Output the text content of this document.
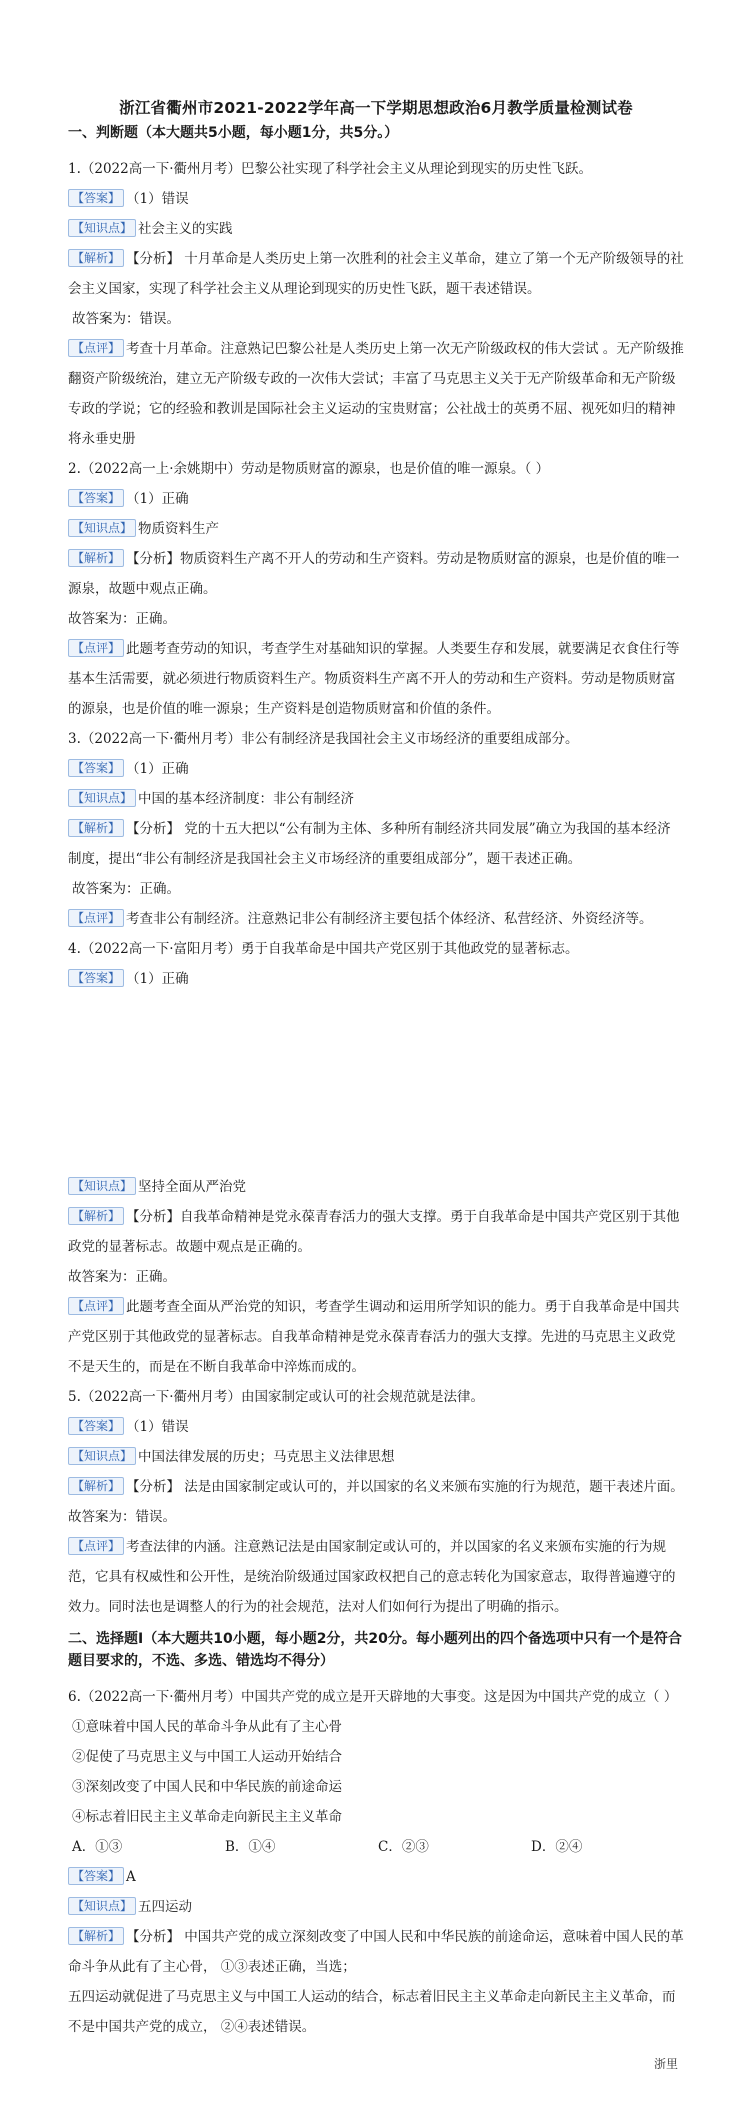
浙江省衢州市2021-2022学年高一下学期思想政治6月教学质量检测试卷
一、判断题（本大题共5小题，每小题1分，共5分。）
1.（2022高一下·衢州月考）巴黎公社实现了科学社会主义从理论到现实的历史性飞跃。
【答案】 （1）错误
【知识点】 社会主义的实践
【解析】 【分析】 十月革命是人类历史上第一次胜利的社会主义革命，建立了第一个无产阶级领导的社会主义国家，实现了科学社会主义从理论到现实的历史性飞跃，题干表述错误。
故答案为：错误。
【点评】 考查十月革命。注意熟记巴黎公社是人类历史上第一次无产阶级政权的伟大尝试 。无产阶级推翻资产阶级统治，建立无产阶级专政的一次伟大尝试；丰富了马克思主义关于无产阶级革命和无产阶级专政的学说；它的经验和教训是国际社会主义运动的宝贵财富；公社战士的英勇不屈、视死如归的精神将永垂史册
2.（2022高一上·余姚期中）劳动是物质财富的源泉，也是价值的唯一源泉。（ ）
【答案】 （1）正确
【知识点】 物质资料生产
【解析】 【分析】物质资料生产离不开人的劳动和生产资料。劳动是物质财富的源泉，也是价值的唯一源泉，故题中观点正确。
故答案为：正确。
【点评】 此题考查劳动的知识，考查学生对基础知识的掌握。人类要生存和发展，就要满足衣食住行等基本生活需要，就必须进行物质资料生产。物质资料生产离不开人的劳动和生产资料。劳动是物质财富的源泉，也是价值的唯一源泉；生产资料是创造物质财富和价值的条件。
3.（2022高一下·衢州月考）非公有制经济是我国社会主义市场经济的重要组成部分。
【答案】 （1）正确
【知识点】 中国的基本经济制度：非公有制经济
【解析】 【分析】 党的十五大把以“公有制为主体、多种所有制经济共同发展”确立为我国的基本经济制度，提出“非公有制经济是我国社会主义市场经济的重要组成部分”，题干表述正确。
故答案为：正确。
【点评】 考查非公有制经济。注意熟记非公有制经济主要包括个体经济、私营经济、外资经济等。
4.（2022高一下·富阳月考）勇于自我革命是中国共产党区别于其他政党的显著标志。
【答案】 （1）正确
【知识点】 坚持全面从严治党
【解析】 【分析】自我革命精神是党永葆青春活力的强大支撑。勇于自我革命是中国共产党区别于其他政党的显著标志。故题中观点是正确的。
故答案为：正确。
【点评】 此题考查全面从严治党的知识，考查学生调动和运用所学知识的能力。勇于自我革命是中国共产党区别于其他政党的显著标志。自我革命精神是党永葆青春活力的强大支撑。先进的马克思主义政党不是天生的，而是在不断自我革命中淬炼而成的。
5.（2022高一下·衢州月考）由国家制定或认可的社会规范就是法律。
【答案】 （1）错误
【知识点】 中国法律发展的历史；马克思主义法律思想
【解析】 【分析】 法是由国家制定或认可的，并以国家的名义来颁布实施的行为规范，题干表述片面。
故答案为：错误。
【点评】 考查法律的内涵。注意熟记法是由国家制定或认可的，并以国家的名义来颁布实施的行为规范，它具有权威性和公开性，是统治阶级通过国家政权把自己的意志转化为国家意志，取得普遍遵守的效力。同时法也是调整人的行为的社会规范，法对人们如何行为提出了明确的指示。
二、选择题Ⅰ（本大题共10小题，每小题2分，共20分。每小题列出的四个备选项中只有一个是符合题目要求的，不选、多选、错选均不得分）
6.（2022高一下·衢州月考）中国共产党的成立是开天辟地的大事变。这是因为中国共产党的成立（ ）
①意味着中国人民的革命斗争从此有了主心骨
②促使了马克思主义与中国工人运动开始结合
③深刻改变了中国人民和中华民族的前途命运
④标志着旧民主主义革命走向新民主主义革命
A．①③	B．①④	C．②③	D．②④
【答案】 A
【知识点】 五四运动
【解析】 【分析】 中国共产党的成立深刻改变了中国人民和中华民族的前途命运，意味着中国人民的革命斗争从此有了主心骨， ①③表述正确，当选；
五四运动就促进了马克思主义与中国工人运动的结合，标志着旧民主主义革命走向新民主主义革命，而不是中国共产党的成立， ②④表述错误。
浙里
